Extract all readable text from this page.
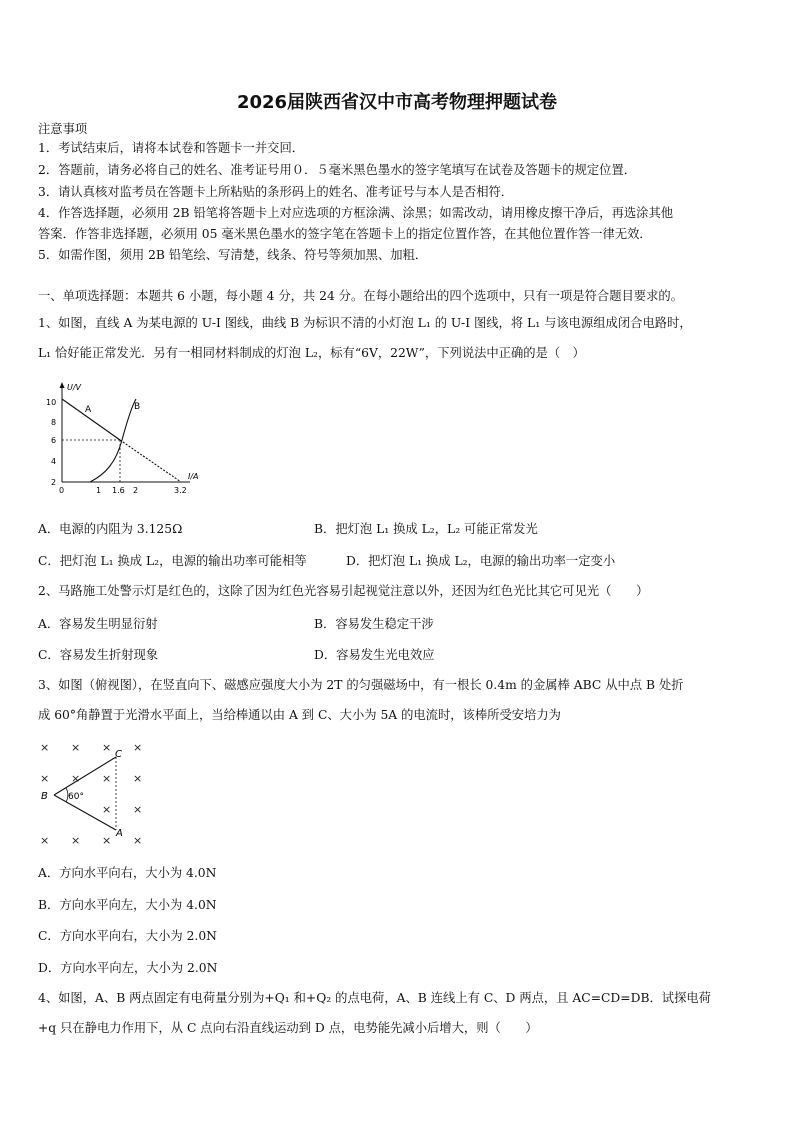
2026届陕西省汉中市高考物理押题试卷
注意事项
1．考试结束后，请将本试卷和答题卡一并交回．
2．答题前，请务必将自己的姓名、准考证号用０．５毫米黑色墨水的签字笔填写在试卷及答题卡的规定位置．
3．请认真核对监考员在答题卡上所粘贴的条形码上的姓名、准考证号与本人是否相符．
4．作答选择题，必须用 2B 铅笔将答题卡上对应选项的方框涂满、涂黑；如需改动，请用橡皮擦干净后，再选涂其他
答案．作答非选择题，必须用 05 毫米黑色墨水的签字笔在答题卡上的指定位置作答，在其他位置作答一律无效．
5．如需作图，须用 2B 铅笔绘、写清楚，线条、符号等须加黑、加粗．
一、单项选择题：本题共 6 小题，每小题 4 分，共 24 分。在每小题给出的四个选项中，只有一项是符合题目要求的。
1、如图，直线 A 为某电源的 U-I 图线，曲线 B 为标识不清的小灯泡 L₁ 的 U-I 图线，将 L₁ 与该电源组成闭合电路时，
L₁ 恰好能正常发光．另有一相同材料制成的灯泡 L₂，标有“6V，22W”，下列说法中正确的是（　）
U/V
I/A
10
8
6
4
2
0	1 1.6 2	3.2
A	B
A．电源的内阻为 3.125Ω	B．把灯泡 L₁ 换成 L₂，L₂ 可能正常发光
C．把灯泡 L₁ 换成 L₂，电源的输出功率可能相等	D．把灯泡 L₁ 换成 L₂，电源的输出功率一定变小
2、马路施工处警示灯是红色的，这除了因为红色光容易引起视觉注意以外，还因为红色光比其它可见光（　　）
A．容易发生明显衍射	B．容易发生稳定干涉
C．容易发生折射现象	D．容易发生光电效应
3、如图（俯视图），在竖直向下、磁感应强度大小为 2T 的匀强磁场中，有一根长 0.4m 的金属棒 ABC 从中点 B 处折
成 60°角静置于光滑水平面上，当给棒通以由 A 到 C、大小为 5A 的电流时，该棒所受安培力为
× × × ×
× × × ×
× ×
× × × ×
60°
B
C
A
A．方向水平向右，大小为 4.0N
B．方向水平向左，大小为 4.0N
C．方向水平向右，大小为 2.0N
D．方向水平向左，大小为 2.0N
4、如图，A、B 两点固定有电荷量分别为+Q₁ 和+Q₂ 的点电荷，A、B 连线上有 C、D 两点，且 AC=CD=DB．试探电荷
+q 只在静电力作用下，从 C 点向右沿直线运动到 D 点，电势能先减小后增大，则（　　）
